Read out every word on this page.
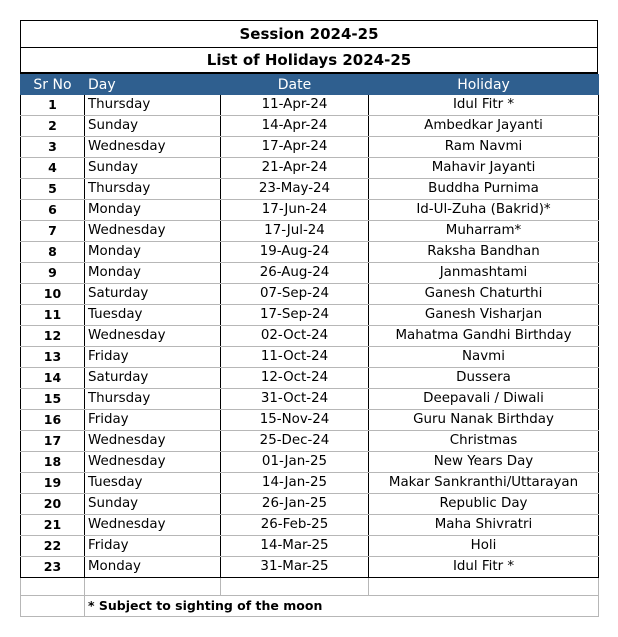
Session 2024-25
List of Holidays 2024-25
Sr No	Day	Date	Holiday
1	Thursday	11-Apr-24	Idul Fitr *
2	Sunday	14-Apr-24	Ambedkar Jayanti
3	Wednesday	17-Apr-24	Ram Navmi
4	Sunday	21-Apr-24	Mahavir Jayanti
5	Thursday	23-May-24	Buddha Purnima
6	Monday	17-Jun-24	Id-Ul-Zuha (Bakrid)*
7	Wednesday	17-Jul-24	Muharram*
8	Monday	19-Aug-24	Raksha Bandhan
9	Monday	26-Aug-24	Janmashtami
10	Saturday	07-Sep-24	Ganesh Chaturthi
11	Tuesday	17-Sep-24	Ganesh Visharjan
12	Wednesday	02-Oct-24	Mahatma Gandhi Birthday
13	Friday	11-Oct-24	Navmi
14	Saturday	12-Oct-24	Dussera
15	Thursday	31-Oct-24	Deepavali / Diwali
16	Friday	15-Nov-24	Guru Nanak Birthday
17	Wednesday	25-Dec-24	Christmas
18	Wednesday	01-Jan-25	New Years Day
19	Tuesday	14-Jan-25	Makar Sankranthi/Uttarayan
20	Sunday	26-Jan-25	Republic Day
21	Wednesday	26-Feb-25	Maha Shivratri
22	Friday	14-Mar-25	Holi
23	Monday	31-Mar-25	Idul Fitr *

	* Subject to sighting of the moon		
